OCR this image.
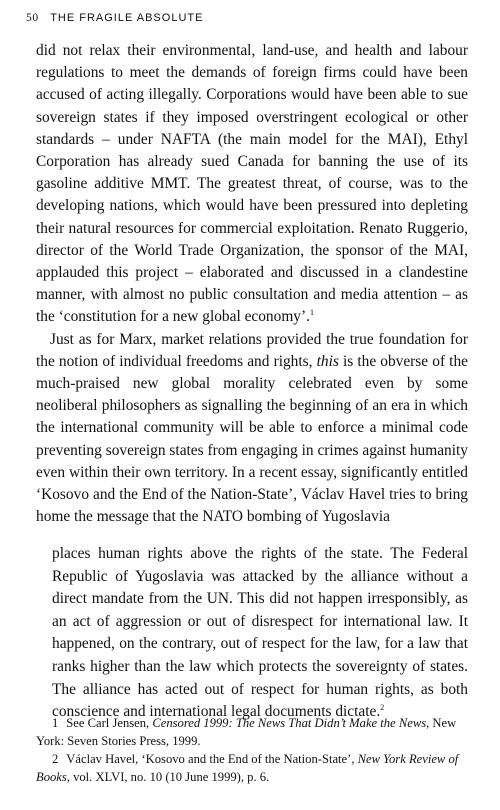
50 THE FRAGILE ABSOLUTE

did not relax their environmental, land-use, and health and labour regulations to meet the demands of foreign firms could have been accused of acting illegally. Corporations would have been able to sue sovereign states if they imposed overstringent ecological or other standards – under NAFTA (the main model for the MAI), Ethyl Corporation has already sued Canada for banning the use of its gasoline additive MMT. The greatest threat, of course, was to the developing nations, which would have been pressured into depleting their natural resources for commercial exploitation. Renato Ruggerio, director of the World Trade Organization, the sponsor of the MAI, applauded this project – elaborated and discussed in a clandestine manner, with almost no public consultation and media attention – as the ‘constitution for a new global economy’.$^1$

Just as for Marx, market relations provided the true foundation for the notion of individual freedoms and rights, this is the obverse of the much-praised new global morality celebrated even by some neoliberal philosophers as signalling the beginning of an era in which the international community will be able to enforce a minimal code preventing sovereign states from engaging in crimes against humanity even within their own territory. In a recent essay, significantly entitled ‘Kosovo and the End of the Nation-State’, Václav Havel tries to bring home the message that the NATO bombing of Yugoslavia

places human rights above the rights of the state. The Federal Republic of Yugoslavia was attacked by the alliance without a direct mandate from the UN. This did not happen irresponsibly, as an act of aggression or out of disrespect for international law. It happened, on the contrary, out of respect for the law, for a law that ranks higher than the law which protects the sovereignty of states. The alliance has acted out of respect for human rights, as both conscience and international legal documents dictate.$^2$

1 See Carl Jensen, Censored 1999: The News That Didn’t Make the News, New York: Seven Stories Press, 1999.

2 Václav Havel, ‘Kosovo and the End of the Nation-State’, New York Review of Books, vol. XLVI, no. 10 (10 June 1999), p. 6.
